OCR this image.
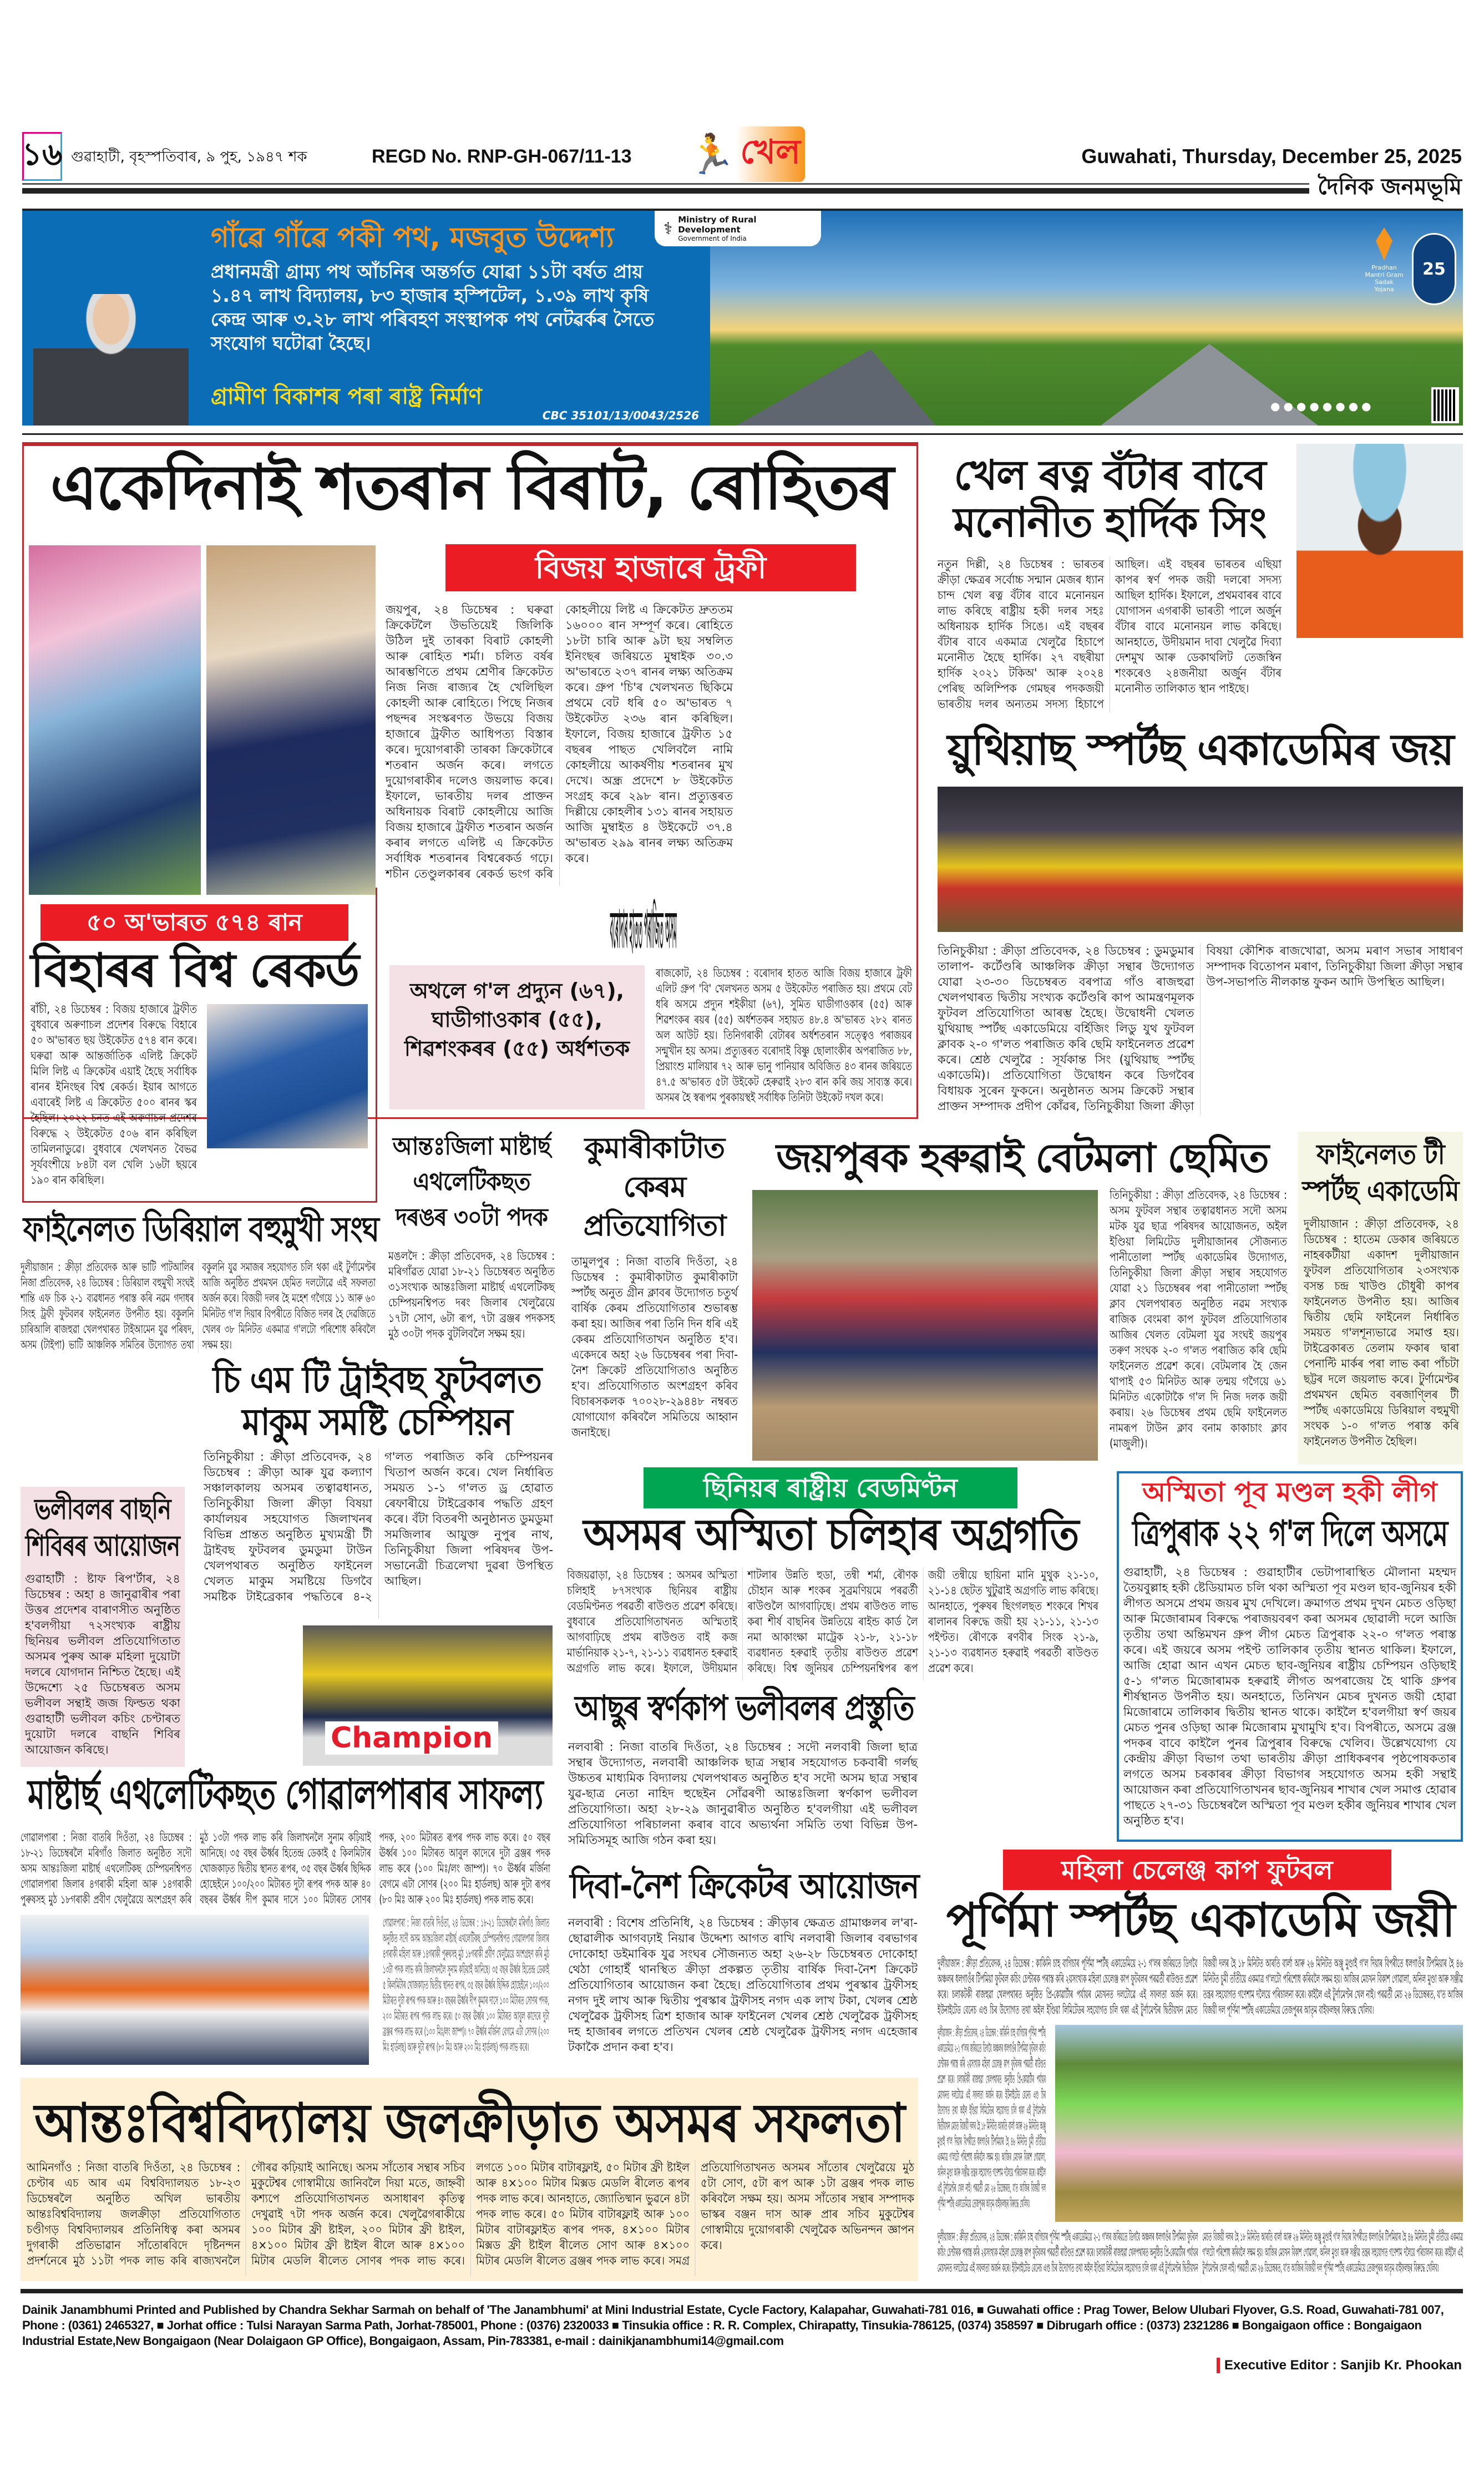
১৬ গুৱাহাটী, বৃহস্পতিবাৰ, ৯ পুহ, ১৯৪৭ শক	REGD No. RNP-GH-067/11-13	🏃 খেল	Guwahati, Thursday, December 25, 2025
দৈনিক জনমভূমি
গাঁৱে গাঁৱে পকী পথ, মজবুত উদ্দেশ্য
প্ৰধানমন্ত্ৰী গ্ৰাম্য পথ আঁচনিৰ অন্তৰ্গত যোৱা ১১টা বৰ্ষত প্ৰায় ১.৪৭ লাখ বিদ্যালয়, ৮৩ হাজাৰ হস্পিটেল, ১.৩৯ লাখ কৃষি কেন্দ্ৰ আৰু ৩.২৮ লাখ পৰিবহণ সংস্থাপক পথ নেটৱৰ্কৰ সৈতে সংযোগ ঘটোৱা হৈছে।
গ্ৰামীণ বিকাশৰ পৰা ৰাষ্ট্ৰ নিৰ্মাণ
CBC 35101/13/0043/2526
⚕ Ministry of Rural Development
Government of India
Pradhan Mantri Gram Sadak Yojana
25
●●●●●●●●
একেদিনাই শতৰান বিৰাট, ৰোহিতৰ
বিজয় হাজাৰে ট্ৰফী
জয়পুৰ, ২৪ ডিচেম্বৰ : ঘৰুৱা ক্ৰিকেটলৈ উভতিয়েই জিলিকি উঠিল দুই তাৰকা বিৰাট কোহলী আৰু ৰোহিত শৰ্মা। চলিত বৰ্ষৰ আৰম্ভণিতে প্ৰথম শ্ৰেণীৰ ক্ৰিকেটত নিজ নিজ ৰাজ্যৰ হৈ খেলিছিল কোহলী আৰু ৰোহিতে। পিছে নিজৰ পছন্দৰ সংস্কৰণত উভয়ে বিজয় হাজাৰে ট্ৰফীত আধিপত্য বিস্তাৰ কৰে। দুয়োগৰাকী তাৰকা ক্ৰিকেটাৰে শতৰান অৰ্জন কৰে। লগতে দুয়োগৰাকীৰ দলেও জয়লাভ কৰে। ইফালে, ভাৰতীয় দলৰ প্ৰাক্তন অধিনায়ক বিৰাট কোহলীয়ে আজি বিজয় হাজাৰে ট্ৰফীত শতৰান অৰ্জন কৰাৰ লগতে এলিষ্ট এ ক্ৰিকেটত সৰ্বাধিক শতৰানৰ বিশ্বৰেকৰ্ড গঢ়ে। শচীন তেণ্ডুলকাৰৰ ৰেকৰ্ড ভংগ কৰি কোহলীয়ে লিষ্ট এ ক্ৰিকেটত দ্ৰুততম ১৬০০০ ৰান সম্পূৰ্ণ কৰে। ৰোহিতে ১৮টা চাৰি আৰু ৯টা ছয় সম্বলিত ইনিংছৰ জৰিয়তে মুম্বাইক ৩০.৩ অ'ভাৰতে ২৩৭ ৰানৰ লক্ষ্য অতিক্ৰম কৰে। গ্ৰুপ 'চি'ৰ খেলখনত ছিকিমে প্ৰথমে বেট ধৰি ৫০ অ'ভাৰত ৭ উইকেটত ২৩৬ ৰান কৰিছিল। ইফালে, বিজয় হাজাৰে ট্ৰফীত ১৫ বছৰৰ পাছত খেলিবলৈ নামি কোহলীয়ে আকৰ্ষণীয় শতৰানৰ মুখ দেখে। অন্ধ্ৰ প্ৰদেশে ৮ উইকেটত সংগ্ৰহ কৰে ২৯৮ ৰান। প্ৰত্যুত্তৰত দিল্লীয়ে কোহলীৰ ১৩১ ৰানৰ সহায়ত আজি মুম্বাইত ৪ উইকেটে ৩৭.৪ অ'ভাৰত ২৯৯ ৰানৰ লক্ষ্য অতিক্ৰম কৰে।
৫০ অ'ভাৰত ৫৭৪ ৰান
বিহাৰৰ বিশ্ব ৰেকৰ্ড
ৰাঁচী, ২৪ ডিচেম্বৰ : বিজয় হাজাৰে ট্ৰফীত বুধবাৰে অৰুণাচল প্ৰদেশৰ বিৰুদ্ধে বিহাৰে ৫০ অ'ভাৰত ছয় উইকেটত ৫৭৪ ৰান কৰে। ঘৰুৱা আৰু আন্তৰ্জাতিক এলিষ্ট ক্ৰিকেট মিলি লিষ্ট এ ক্ৰিকেটৰ এয়াই হৈছে সৰ্বাধিক ৰানৰ ইনিংছৰ বিশ্ব ৰেকৰ্ড। ইয়াৰ আগতে এবাৰেই লিষ্ট এ ক্ৰিকেটত ৫০০ ৰানৰ স্কৰ হৈছিল। ২০২২ চনত এই অৰুণাচল প্ৰদেশৰ বিৰুদ্ধে ২ উইকেটত ৫০৬ ৰান কৰিছিল তামিলনাডুৱে। বুধবাৰে খেলখনত বৈভৱ সূৰ্যবংশীয়ে ৮৪টা বল খেলি ১৬টা ছয়ৰে ১৯০ ৰান কৰিছিল।
বৰোদাৰ হাতত পৰাজিত অসম
অথলে গ'ল প্ৰদ্যুন (৬৭), ঘাডীগাওকাৰ (৫৫), শিৱশংকৰৰ (৫৫) অৰ্ধশতক
ৰাজকোট, ২৪ ডিচেম্বৰ : বৰোদাৰ হাতত আজি বিজয় হাজাৰে ট্ৰফী এলিট গ্ৰুপ 'বি' খেলখনত অসম ৫ উইকেটত পৰাজিত হয়। প্ৰথমে বেট ধৰি অসমে প্ৰদ্যুন শইকীয়া (৬৭), সুমিত ঘাডীগাওকাৰ (৫৫) আৰু শিৱশংকৰ ৰয়ৰ (৫৫) অৰ্ধশতকৰ সহায়ত ৪৮.৪ অ'ভাৰত ২৮২ ৰানত অল আউট হয়। তিনিগৰাকী বেটাৰৰ অৰ্ধশতৰান সত্ত্বেও পৰাজয়ৰ সন্মুখীন হয় অসম। প্ৰত্যুত্তৰত বৰোদাই বিষ্ণু ছোলাংকীৰ অপৰাজিত ৮৮, প্ৰিয়াংশু মালিয়াৰ ৭২ আৰু ভানু পানিয়াৰ অবিজিত ৪৩ ৰানৰ জৰিয়তে ৪৭.৫ অ'ভাৰত ৫টা উইকেট হেৰুৱাই ২৮৩ ৰান কৰি জয় সাব্যস্ত কৰে। অসমৰ হৈ স্বৰূপম পুৰকায়স্থই সৰ্বাধিক তিনিটা উইকেট দখল কৰে।
খেল ৰত্ন বঁটাৰ বাবে মনোনীত হাৰ্দিক সিং
নতুন দিল্লী, ২৪ ডিচেম্বৰ : ভাৰতৰ ক্ৰীড়া ক্ষেত্ৰৰ সৰ্বোচ্চ সন্মান মেজৰ ধ্যান চান্দ খেল ৰত্ন বঁটাৰ বাবে মনোনয়ন লাভ কৰিছে ৰাষ্ট্ৰীয় হকী দলৰ সহঃ অধিনায়ক হাৰ্দিক সিঙে। এই বছৰৰ বঁটাৰ বাবে একমাত্ৰ খেলুৱৈ হিচাপে মনোনীত হৈছে হাৰ্দিক। ২৭ বছৰীয়া হাৰ্দিক ২০২১ টকিঅ' আৰু ২০২৪ পেৰিছ অলিম্পিক গেমছৰ পদকজয়ী ভাৰতীয় দলৰ অন্যতম সদস্য হিচাপে আছিল। এই বছৰৰ ভাৰতৰ এছিয়া কাপৰ স্বৰ্ণ পদক জয়ী দলৰো সদস্য আছিল হাৰ্দিক। ইফালে, প্ৰথমবাৰৰ বাবে যোগাসন এগৰাকী ভাৰতী পালে অৰ্জুন বঁটাৰ বাবে মনোনয়ন লাভ কৰিছে। আনহাতে, উদীয়মান দাবা খেলুৱৈ দিব্যা দেশমুখ আৰু ডেকাথলিট তেজস্বিন শংকৰেও ২৪জনীয়া অৰ্জুন বঁটাৰ মনোনীত তালিকাত স্থান পাইছে।
য়ুথিয়াছ স্পৰ্টছ একাডেমিৰ জয়
তিনিচুকীয়া : ক্ৰীড়া প্ৰতিবেদক, ২৪ ডিচেম্বৰ : ডুমডুমাৰ তালাপ- কৰ্টেণ্ডৰি আঞ্চলিক ক্ৰীড়া সন্থাৰ উদ্যোগত যোৱা ২৩-৩০ ডিচেম্বৰত বৰপাত্ৰ গাঁও ৰাজহুৱা খেলপথাৰত দ্বিতীয় সংখ্যক কৰ্টেণ্ডৰি কাপ আমন্ত্ৰণমূলক ফুটবল প্ৰতিযোগিতা আৰম্ভ হৈছে। উদ্বোধনী খেলত য়ুথিয়াছ স্পৰ্টছ একাডেমিয়ে বৰ্হিজিং লিডু যুথ ফুটবল ক্লাবক ২-০ গ'লত পৰাজিত কৰি ছেমি ফাইনেলত প্ৰৱেশ কৰে। শ্ৰেষ্ঠ খেলুৱৈ : সূৰ্যকান্ত সিং (য়ুথিয়াছ স্পৰ্টছ একাডেমি)। প্ৰতিযোগিতা উদ্বোধন কৰে ডিগবৈৰ বিধায়ক সুৰেন ফুকনে। অনুষ্ঠানত অসম ক্ৰিকেট সন্থাৰ প্ৰাক্তন সম্পাদক প্ৰদীপ কোঁৱৰ, তিনিচুকীয়া জিলা ক্ৰীড়া বিষয়া কৌশিক ৰাজখোৱা, অসম মৰাণ সভাৰ সাধাৰণ সম্পাদক বিতোপন মৰাণ, তিনিচুকীয়া জিলা ক্ৰীড়া সন্থাৰ উপ-সভাপতি নীলকান্ত ফুকন আদি উপস্থিত আছিল।
আন্তঃজিলা মাষ্টাৰ্ছ এথলেটিকছত দৰঙৰ ৩০টা পদক
মঙলদৈ : ক্ৰীড়া প্ৰতিবেদক, ২৪ ডিচেম্বৰ : মৰিগাঁৱত যোৱা ১৮-২১ ডিচেম্বৰত অনুষ্ঠিত ৩১সংখ্যক আন্তঃজিলা মাষ্টাৰ্ছ এথলেটিকছ চেম্পিয়নশ্বিপত দৰং জিলাৰ খেলুৱৈয়ে ১৭টা সোণ, ৬টা ৰূপ, ৭টা ব্ৰঞ্জৰ পদকসহ মুঠ ৩০টা পদক বুটলিবলৈ সক্ষম হয়।
কুমাৰীকাটাত কেৰম প্ৰতিযোগিতা
তামুলপুৰ : নিজা বাতৰি দিওঁতা, ২৪ ডিচেম্বৰ : কুমাৰীকাটাত কুমাৰীকাটা স্পৰ্টছ অনুত গ্ৰীন ক্লাবৰ উদ্যোগত চতুৰ্থ বাৰ্ষিক কেৰম প্ৰতিযোগিতাৰ শুভাৰম্ভ কৰা হয়। আজিৰ পৰা তিনি দিন ধৰি এই কেৰম প্ৰতিযোগিতাখন অনুষ্ঠিত হ'ব। একেদৰে অহা ২৬ ডিচেম্বৰৰ পৰা দিবা-নৈশ ক্ৰিকেট প্ৰতিযোগিতাও অনুষ্ঠিত হ'ব। প্ৰতিযোগিতাত অংশগ্ৰহণ কৰিব বিচাৰসকলক ৭০০২৮-২৯৪৪৮ নম্বৰত যোগাযোগ কৰিবলৈ সমিতিয়ে আহ্বান জনাইছে।
জয়পুৰক হৰুৱাই বেটমলা ছেমিত
তিনিচুকীয়া : ক্ৰীড়া প্ৰতিবেদক, ২৪ ডিচেম্বৰ : অসম ফুটবল সন্থাৰ তত্বাৱধানত সদৌ অসম মটক যুৱ ছাত্ৰ পৰিষদৰ আয়োজনত, অইল ইণ্ডিয়া লিমিটেড দুলীয়াজানৰ সৌজন্যত পানীতোলা স্পৰ্টছ একাডেমিৰ উদ্যোগত, তিনিচুকীয়া জিলা ক্ৰীড়া সন্থাৰ সহযোগত যোৱা ২১ ডিচেম্বৰৰ পৰা পানীতোলা স্পৰ্টছ ক্লাব খেলপথাৰত অনুষ্ঠিত নৱম সংখ্যক ৰাজিক বেংমৰা কাপ ফুটবল প্ৰতিযোগিতাৰ আজিৰ খেলত বেটমলা যুৱ সংঘই জয়পুৰ তৰুণ সংঘক ২-০ গ'লত পৰাজিত কৰি ছেমি ফাইনেলত প্ৰৱেশ কৰে। বেটমলাৰ হৈ জেন থাপাই ৫৩ মিনিটত আৰু তন্ময় গগৈয়ে ৬১ মিনিটত একোটাকৈ গ'ল দি নিজ দলক জয়ী কৰায়। ২৬ ডিচেম্বৰ প্ৰথম ছেমি ফাইনেলত নামৰূপ টাউন ক্লাব বনাম কাকাচাং ক্লাব (মাজুলী)।
ফাইনেলত টী স্পৰ্টছ একাডেমি
দুলীয়াজান : ক্ৰীড়া প্ৰতিবেদক, ২৪ ডিচেম্বৰ : হাতেম ডেকাৰ জৰিয়তে নাহৰকটীয়া একাদশ দুলীয়াজান ফুটবল প্ৰতিযোগিতাৰ ২৩সংখ্যক বসন্ত চন্দ্ৰ খাউণ্ড চৌধুৰী কাপৰ ফাইনেলত উপনীত হয়। আজিৰ দ্বিতীয় ছেমি ফাইনেল নিৰ্ধাৰিত সময়ত গ'লশূন্যভাৱে সমাপ্ত হয়। টাইব্ৰেকাৰত তেলাম ফকাৰ দ্বাৰা পেনাল্টি মাৰ্কৰ পৰা লাভ কৰা পাঁচটা ছট্টৰ দলে জয়লাভ কৰে। টুৰ্ণামেণ্টৰ প্ৰথমখন ছেমিত বৰজাণ্লিৰ টী স্পৰ্টছ একাডেমিয়ে ডিৰিয়াল বহুমুখী সংঘক ১-০ গ'লত পৰাস্ত কৰি ফাইনেলত উপনীত হৈছিল।
ফাইনেলত ডিৰিয়াল বহুমুখী সংঘ
দুলীয়াজান : ক্ৰীড়া প্ৰতিবেদক আৰু ভাটি পাটআলিৰ নিজা প্ৰতিবেদক, ২৪ ডিচেম্বৰ : ডিৰিয়াল বহুমুখী সংঘই শান্তি এফ চিক ২-১ ব্যৱধানত পৰাস্ত কৰি নৱম গদাধৰ সিংহ ট্ৰফী ফুটবলৰ ফাইনেলত উপনীত হয়। বকুলনি চাৰিআলি ৰাজহুৱা খেলপথাৰত টাইআমেন যুৱ পৰিষদ, অসম (টাইপা) ভাটি আঞ্চলিক সমিতিৰ উদ্যোগত তথা বকুলনি যুৱ সমাজৰ সহযোগত চলি থকা এই টুৰ্ণামেণ্টৰ আজি অনুষ্ঠিত প্ৰথমখন ছেমিত দলটোৱে এই সফলতা অৰ্জন কৰে। বিজয়ী দলৰ হৈ মহেশ গগৈয়ে ১১ আৰু ৬০ মিনিটত গ'ল দিয়াৰ বিপৰীতে বিজিত দলৰ হৈ দেৱজিতে খেলৰ ৩৮ মিনিটত একমাত্ৰ গ'লটো পৰিশোধ কৰিবলৈ সক্ষম হয়।
চি এম টি ট্ৰাইবছ ফুটবলত মাকুম সমষ্টি চেম্পিয়ন
তিনিচুকীয়া : ক্ৰীড়া প্ৰতিবেদক, ২৪ ডিচেম্বৰ : ক্ৰীড়া আৰু যুৱ কল্যাণ সঞ্চালকালয় অসমৰ তত্বাৱধানত, তিনিচুকীয়া জিলা ক্ৰীড়া বিষয়া কাৰ্যালয়ৰ সহযোগত জিলাখনৰ বিভিন্ন প্ৰান্তত অনুষ্ঠিত মুখ্যমন্ত্ৰী টী ট্ৰাইবছ ফুটবলৰ ডুমডুমা টাউন খেলপথাৰত অনুষ্ঠিত ফাইনেল খেলত মাকুম সমষ্টিয়ে ডিগবৈ সমষ্টিক টাইব্ৰেকাৰ পদ্ধতিৰে ৪-২ গ'লত পৰাজিত কৰি চেম্পিয়নৰ খিতাপ অৰ্জন কৰে। খেল নিৰ্ধাৰিত সময়ত ১-১ গ'লত ড্ৰ হোৱাত ৰেফাৰীয়ে টাইব্ৰেকাৰ পদ্ধতি গ্ৰহণ কৰে। বঁটা বিতৰণী অনুষ্ঠানত ডুমডুমা সমজিলাৰ আয়ুক্ত নুপুৰ নাথ, তিনিচুকীয়া জিলা পৰিষদৰ উপ-সভানেত্ৰী চিত্ৰলেখা দুৱৰা উপস্থিত আছিল।
Champion
ভলীবলৰ বাছনি শিবিৰৰ আয়োজন
গুৱাহাটী : ষ্টাফ ৰিপ'ৰ্টাৰ, ২৪ ডিচেম্বৰ : অহা ৪ জানুৱাৰীৰ পৰা উত্তৰ প্ৰদেশৰ বাৰাণসীত অনুষ্ঠিত হ'বলগীয়া ৭২সংখ্যক ৰাষ্ট্ৰীয় ছিনিয়ৰ ভলীবল প্ৰতিযোগিতাত অসমৰ পুৰুষ আৰু মহিলা দুয়োটা দলৰে যোগদান নিশ্চিত হৈছে। এই উদ্দেশ্যে ২৫ ডিচেম্বৰত অসম ভলীবল সন্থাই জজ ফিল্ডত থকা গুৱাহাটী ভলীবল কচিং চেণ্টাৰত দুয়োটা দলৰে বাছনি শিবিৰ আয়োজন কৰিছে।
ছিনিয়ৰ ৰাষ্ট্ৰীয় বেডমিণ্টন
অসমৰ অস্মিতা চলিহাৰ অগ্ৰগতি
বিজয়ৱাড়া, ২৪ ডিচেম্বৰ : অসমৰ অস্মিতা চলিহাই ৮৭সংখ্যক ছিনিয়ৰ ৰাষ্ট্ৰীয় বেডমিণ্টনত পৰৱৰ্তী ৰাউণ্ডত প্ৰৱেশ কৰিছে। বুধবাৰে প্ৰতিযোগিতাখনত অস্মিতাই আগবাঢ়িছে প্ৰথম ৰাউণ্ডত বাই কজ মাৰ্ভানিয়াক ২১-৭, ২১-১১ ব্যৱধানত হৰুৱাই অগ্ৰগতি লাভ কৰে। ইফালে, উদীয়মান শাটলাৰ উন্নতি হুডা, তন্বী শৰ্মা, ৰৌণক চৌহান আৰু শংকৰ সুব্ৰমণিয়মে পৰৱৰ্তী ৰাউণ্ডলৈ আগবাঢ়িছে। প্ৰথম ৰাউণ্ডত লাভ কৰা শীৰ্ষ বাছনিৰ উন্নতিয়ে ৰাইন্ড কাৰ্ড লৈ নমা আকাংক্ষা মাট্ৰেক ২১-৮, ২১-১৮ ব্যৱধানত হৰুৱাই তৃতীয় ৰাউণ্ডত প্ৰৱেশ কৰিছে। বিশ্ব জুনিয়ৰ চেম্পিয়নশ্বিপৰ ৰূপ জয়ী তন্বীয়ে ছায়িনা মানি মুথুক ২১-১০, ২১-১৪ ছেটত খুটুৱাই অগ্ৰগতি লাভ কৰিছে। আনহাতে, পুৰুষৰ ছিংগলছত শংকৰে শিখৰ ৰালানৰ বিৰুদ্ধে জয়ী হয় ২১-১১, ২১-১৩ পইণ্টত। ৰৌণকে ৰণবীৰ সিংক ২১-৯, ২১-১৩ ব্যৱধানত হৰুৱাই পৰৱৰ্তী ৰাউণ্ডত প্ৰৱেশ কৰে।
অস্মিতা পূব মণ্ডল হকী লীগ
ত্ৰিপুৰাক ২২ গ'ল দিলে অসমে
গুৱাহাটী, ২৪ ডিচেম্বৰ : গুৱাহাটীৰ ভেটাপাৰাস্থিত মৌলানা মহম্মদ তৈয়বুল্লাহ হকী ষ্টেডিয়ামত চলি থকা অস্মিতা পূব মণ্ডল ছাব-জুনিয়ৰ হকী লীগত অসমে প্ৰথম জয়ৰ মুখ দেখিলে। ক্ৰমাগত প্ৰথম দুখন মেচত ওড়িছা আৰু মিজোৰামৰ বিৰুদ্ধে পৰাজয়বৰণ কৰা অসমৰ ছোৱালী দলে আজি তৃতীয় তথা অন্তিমখন গ্ৰুপ লীগ মেচত ত্ৰিপুৰাক ২২-০ গ'লত পৰাস্ত কৰে। এই জয়ৰে অসম পইণ্ট তালিকাৰ তৃতীয় স্থানত থাকিল। ইফালে, আজি হোৱা আন এখন মেচত ছাব-জুনিয়ৰ ৰাষ্ট্ৰীয় চেম্পিয়ন ওড়িছাই ৫-১ গ'লত মিজোৰামক হৰুৱাই লীগত অপৰাজেয় হৈ থাকি গ্ৰুপৰ শীৰ্ষস্থানত উপনীত হয়। অনহাতে, তিনিখন মেচৰ দুখনত জয়ী হোৱা মিজোৰামে তালিকাৰ দ্বিতীয় স্থানত থাকে। কাইলৈ হ'বলগীয়া স্বৰ্ণ জয়ৰ মেচত পুনৰ ওড়িছা আৰু মিজোৰাম মুখামুখি হ'ব। বিপৰীতে, অসমে ব্ৰঞ্জ পদকৰ বাবে কাইলৈ পুনৰ ত্ৰিপুৰাৰ বিৰুদ্ধে খেলিব। উল্লেখযোগ্য যে কেন্দ্ৰীয় ক্ৰীড়া বিভাগ তথা ভাৰতীয় ক্ৰীড়া প্ৰাধিকৰণৰ পৃষ্ঠপোষকতাৰ লগতে অসম চৰকাৰৰ ক্ৰীড়া বিভাগৰ সহযোগত অসম হকী সন্থাই আয়োজন কৰা প্ৰতিযোগিতাখনৰ ছাব-জুনিয়ৰ শাখাৰ খেল সমাপ্ত হোৱাৰ পাছতে ২৭-৩১ ডিচেম্বৰলৈ অস্মিতা পূব মণ্ডল হকীৰ জুনিয়ৰ শাখাৰ খেল অনুষ্ঠিত হ'ব।
আছুৰ স্বৰ্ণকাপ ভলীবলৰ প্ৰস্তুতি
নলবাৰী : নিজা বাতৰি দিওঁতা, ২৪ ডিচেম্বৰ : সদৌ নলবাৰী জিলা ছাত্ৰ সন্থাৰ উদ্যোগত, নলবাৰী আঞ্চলিক ছাত্ৰ সন্থাৰ সহযোগত চকবাৰী গৰ্লছ উচ্চতৰ মাধ্যমিক বিদ্যালয় খেলপথাৰত অনুষ্ঠিত হ'ব সদৌ অসম ছাত্ৰ সন্থাৰ যুৱ-ছাত্ৰ নেতা নাহিদ হুছেইন সোঁৱৰণী আন্তঃজিলা স্বৰ্ণকাপ ভলীবল প্ৰতিযোগিতা। অহা ২৮-২৯ জানুৱাৰীত অনুষ্ঠিত হ'বলগীয়া এই ভলীবল প্ৰতিযোগিতা পৰিচালনা কৰাৰ বাবে অভ্যৰ্থনা সমিতি তথা বিভিন্ন উপ-সমিতিসমূহ আজি গঠন কৰা হয়।
মাষ্টাৰ্ছ এথলেটিকছত গোৱালপাৰাৰ সাফল্য
গোৱালপাৰা : নিজা বাতৰি দিওঁতা, ২৪ ডিচেম্বৰ : ১৮-২১ ডিচেম্বৰলৈ মৰিগাঁও জিলাত অনুষ্ঠিত সদৌ অসম আন্তঃজিলা মাষ্টাৰ্ছ এথলেটিকছ চেম্পিয়নশ্বিপত গোৱালপাৰা জিলাৰ ৪গৰাকী মহিলা আৰু ১৪গৰাকী পুৰুষসহ মুঠ ১৮গৰাকী প্ৰবীণ খেলুৱৈয়ে অংশগ্ৰহণ কৰি মুঠ ১৩টা পদক লাভ কৰি জিলাখনলৈ সুনাম কঢ়িয়াই আনিছে। ৩৫ বছৰ ঊৰ্ধ্বৰ হিতেন্দ্ৰ ডেকাই ৫ কিলমিটাৰ খোজকাঢ়ত দ্বিতীয় স্থানত ৰূপৰ, ৩৫ বছৰ ঊৰ্ধ্বৰ ছিদ্দিক হোছেইনে ১০০/২০০ মিটাৰত দুটা ৰূপৰ পদক আৰু ৪০ বছৰৰ ঊৰ্ধ্বৰ দীপ কুমাৰ দাসে ১০০ মিটাৰত সোণৰ পদক, ২০০ মিটাৰত ৰূপৰ পদক লাভ কৰে। ৫০ বছৰ ঊৰ্ধ্বৰ ১০০ মিটাৰত আবুল কাদেৰে দুটা ব্ৰঞ্জৰ পদক লাভ কৰে (১০০ মিঃ/লং জাম্প)। ৭০ ঊৰ্ধ্বৰ মৰ্জিনা বেগমে এটা সোণৰ (২০০ মিঃ হাৰ্ডলছ) আৰু দুটা ৰূপৰ (৮০ মিঃ আৰু ২০০ মিঃ হাৰ্ডলছ) পদক লাভ কৰে।
গোৱালপাৰা : নিজা বাতৰি দিওঁতা, ২৪ ডিচেম্বৰ : ১৮-২১ ডিচেম্বৰলৈ মৰিগাঁও জিলাত অনুষ্ঠিত সদৌ অসম আন্তঃজিলা মাষ্টাৰ্ছ এথলেটিকছ চেম্পিয়নশ্বিপত গোৱালপাৰা জিলাৰ ৪গৰাকী মহিলা আৰু ১৪গৰাকী পুৰুষসহ মুঠ ১৮গৰাকী প্ৰবীণ খেলুৱৈয়ে অংশগ্ৰহণ কৰি মুঠ ১৩টা পদক লাভ কৰি জিলাখনলৈ সুনাম কঢ়িয়াই আনিছে। ৩৫ বছৰ ঊৰ্ধ্বৰ হিতেন্দ্ৰ ডেকাই ৫ কিলমিটাৰ খোজকাঢ়ত দ্বিতীয় স্থানত ৰূপৰ, ৩৫ বছৰ ঊৰ্ধ্বৰ ছিদ্দিক হোছেইনে ১০০/২০০ মিটাৰত দুটা ৰূপৰ পদক আৰু ৪০ বছৰৰ ঊৰ্ধ্বৰ দীপ কুমাৰ দাসে ১০০ মিটাৰত সোণৰ পদক, ২০০ মিটাৰত ৰূপৰ পদক লাভ কৰে। ৫০ বছৰ ঊৰ্ধ্বৰ ১০০ মিটাৰত আবুল কাদেৰে দুটা ব্ৰঞ্জৰ পদক লাভ কৰে (১০০ মিঃ/লং জাম্প)। ৭০ ঊৰ্ধ্বৰ মৰ্জিনা বেগমে এটা সোণৰ (২০০ মিঃ হাৰ্ডলছ) আৰু দুটা ৰূপৰ (৮০ মিঃ আৰু ২০০ মিঃ হাৰ্ডলছ) পদক লাভ কৰে।
দিবা-নৈশ ক্ৰিকেটৰ আয়োজন
নলবাৰী : বিশেষ প্ৰতিনিধি, ২৪ ডিচেম্বৰ : ক্ৰীড়াৰ ক্ষেত্ৰত গ্ৰামাঞ্চলৰ ল'ৰা-ছোৱালীক আগবঢ়াই নিয়াৰ উদ্দেশ্য আগত ৰাখি নলবাৰী জিলাৰ বৰভাগৰ দোকোহা ডইমাৰিক যুৱ সংঘৰ সৌজন্যত অহা ২৬-২৮ ডিচেম্বৰত দোকোহা থেঠা গোহাইঁ থানস্থিত ক্ৰীড়া প্ৰকল্পত তৃতীয় বাৰ্ষিক দিবা-নৈশ ক্ৰিকেট প্ৰতিযোগিতাৰ আয়োজন কৰা হৈছে। প্ৰতিযোগিতাৰ প্ৰথম পুৰস্কাৰ ট্ৰফীসহ নগদ দুই লাখ আৰু দ্বিতীয় পুৰস্কাৰ ট্ৰফীসহ নগদ এক লাখ টকা, খেলৰ শ্ৰেষ্ঠ খেলুৱৈক ট্ৰফীসহ ত্ৰিশ হাজাৰ আৰু ফাইনেল খেলৰ শ্ৰেষ্ঠ খেলুৱৈক ট্ৰফীসহ দহ হাজাৰৰ লগতে প্ৰতিখন খেলৰ শ্ৰেষ্ঠ খেলুৱৈক ট্ৰফীসহ নগদ এহেজাৰ টকাকৈ প্ৰদান কৰা হ'ব।
মহিলা চেলেঞ্জ কাপ ফুটবল
পূৰ্ণিমা স্পৰ্টছ একাডেমি জয়ী
দুলীয়াজান : ক্ৰীড়া প্ৰতিবেদক, ২৪ ডিচেম্বৰ : কাকিনি চাহ বাগিচাৰ পূৰ্ণিমা স্পৰ্টছ একাডেমিয়ে ২-১ গ'লৰ জৰিয়তে ডিগবৈ অঞ্চলৰ ধলগাওঁৰ টিপমিয়া ফুটবল কচিং চেণ্টাৰক পৰাস্ত কৰি ২য়সংখ্যক মহিলা চেলেঞ্জ কাপ ফুটবলৰ পৰৱৰ্তী ৰাউণ্ডত প্ৰৱেশ কৰে। চলাকটকী ৰাজহুৱা খেলপথাৰত অনুষ্ঠিত প্ৰি-কোৱাৰ্টাৰ পৰ্যায়ৰ মেচখনত দলটোৱে এই সফলতা অৰ্জন কৰে। ইউনাইটেড বেনেচ এণ্ড চিৰ উদ্যোগত তথা অইল ইণ্ডিয়া লিমিটেডৰ সহযোগত চলি থকা এই টুৰ্ণামেণ্টৰ দ্বিতীয়খন মেচত বিজয়ী দলৰ হৈ ১৮ মিনিটত আৰতি বাৰ্লা আৰু ২৬ মিনিটত অঞ্জু মুণ্ডাই গ'ল দিয়াৰ বিপৰীতে ধলগাওঁৰ টিপমিয়াৰ হৈ ৪৬ মিনিটত চুমী তাঁতীয়ে একমাত্ৰ গ'লটো পৰিশোধ কৰিবলৈ সক্ষম হয়। আজিৰ মেচখন বিকাশ গোৱালা, অনিল মুণ্ডা আৰু সঞ্জীৱ তন্ত্ৰৰ সহযোগত গণেশাম দলৈয়ে পৰিচালনা কৰে। কাইলৈ এই টুৰ্ণামেণ্টৰ খেল নাই। পৰৱৰ্তী মেচ ২৬ ডিচেম্বৰত, য'ত আজিৰ বিজয়ী দল পূৰ্ণিমা স্পৰ্টছ একাডেমিয়ে তেজপুৰৰ আতৃম বাইফলছৰ বিৰুদ্ধে খেলিব।
দুলীয়াজান : ক্ৰীড়া প্ৰতিবেদক, ২৪ ডিচেম্বৰ : কাকিনি চাহ বাগিচাৰ পূৰ্ণিমা স্পৰ্টছ একাডেমিয়ে ২-১ গ'লৰ জৰিয়তে ডিগবৈ অঞ্চলৰ ধলগাওঁৰ টিপমিয়া ফুটবল কচিং চেণ্টাৰক পৰাস্ত কৰি ২য়সংখ্যক মহিলা চেলেঞ্জ কাপ ফুটবলৰ পৰৱৰ্তী ৰাউণ্ডত প্ৰৱেশ কৰে। চলাকটকী ৰাজহুৱা খেলপথাৰত অনুষ্ঠিত প্ৰি-কোৱাৰ্টাৰ পৰ্যায়ৰ মেচখনত দলটোৱে এই সফলতা অৰ্জন কৰে। ইউনাইটেড বেনেচ এণ্ড চিৰ উদ্যোগত তথা অইল ইণ্ডিয়া লিমিটেডৰ সহযোগত চলি থকা এই টুৰ্ণামেণ্টৰ দ্বিতীয়খন মেচত বিজয়ী দলৰ হৈ ১৮ মিনিটত আৰতি বাৰ্লা আৰু ২৬ মিনিটত অঞ্জু মুণ্ডাই গ'ল দিয়াৰ বিপৰীতে ধলগাওঁৰ টিপমিয়াৰ হৈ ৪৬ মিনিটত চুমী তাঁতীয়ে একমাত্ৰ গ'লটো পৰিশোধ কৰিবলৈ সক্ষম হয়। আজিৰ মেচখন বিকাশ গোৱালা, অনিল মুণ্ডা আৰু সঞ্জীৱ তন্ত্ৰৰ সহযোগত গণেশাম দলৈয়ে পৰিচালনা কৰে। কাইলৈ এই টুৰ্ণামেণ্টৰ খেল নাই। পৰৱৰ্তী মেচ ২৬ ডিচেম্বৰত, য'ত আজিৰ বিজয়ী দল পূৰ্ণিমা স্পৰ্টছ একাডেমিয়ে তেজপুৰৰ আতৃম বাইফলছৰ বিৰুদ্ধে খেলিব।
দুলীয়াজান : ক্ৰীড়া প্ৰতিবেদক, ২৪ ডিচেম্বৰ : কাকিনি চাহ বাগিচাৰ পূৰ্ণিমা স্পৰ্টছ একাডেমিয়ে ২-১ গ'লৰ জৰিয়তে ডিগবৈ অঞ্চলৰ ধলগাওঁৰ টিপমিয়া ফুটবল কচিং চেণ্টাৰক পৰাস্ত কৰি ২য়সংখ্যক মহিলা চেলেঞ্জ কাপ ফুটবলৰ পৰৱৰ্তী ৰাউণ্ডত প্ৰৱেশ কৰে। চলাকটকী ৰাজহুৱা খেলপথাৰত অনুষ্ঠিত প্ৰি-কোৱাৰ্টাৰ পৰ্যায়ৰ মেচখনত দলটোৱে এই সফলতা অৰ্জন কৰে। ইউনাইটেড বেনেচ এণ্ড চিৰ উদ্যোগত তথা অইল ইণ্ডিয়া লিমিটেডৰ সহযোগত চলি থকা এই টুৰ্ণামেণ্টৰ দ্বিতীয়খন মেচত বিজয়ী দলৰ হৈ ১৮ মিনিটত আৰতি বাৰ্লা আৰু ২৬ মিনিটত অঞ্জু মুণ্ডাই গ'ল দিয়াৰ বিপৰীতে ধলগাওঁৰ টিপমিয়াৰ হৈ ৪৬ মিনিটত চুমী তাঁতীয়ে একমাত্ৰ গ'লটো পৰিশোধ কৰিবলৈ সক্ষম হয়। আজিৰ মেচখন বিকাশ গোৱালা, অনিল মুণ্ডা আৰু সঞ্জীৱ তন্ত্ৰৰ সহযোগত গণেশাম দলৈয়ে পৰিচালনা কৰে। কাইলৈ এই টুৰ্ণামেণ্টৰ খেল নাই। পৰৱৰ্তী মেচ ২৬ ডিচেম্বৰত, য'ত আজিৰ বিজয়ী দল পূৰ্ণিমা স্পৰ্টছ একাডেমিয়ে তেজপুৰৰ আতৃম বাইফলছৰ বিৰুদ্ধে খেলিব।
আন্তঃবিশ্ববিদ্যালয় জলক্ৰীড়াত অসমৰ সফলতা
আমিনগাঁও : নিজা বাতৰি দিওঁতা, ২৪ ডিচেম্বৰ : চেণ্টাৰ এচ আৰ এম বিশ্ববিদ্যালয়ত ১৮-২৩ ডিচেম্বৰলৈ অনুষ্ঠিত অখিল ভাৰতীয় আন্তঃবিশ্ববিদ্যালয় জলক্ৰীড়া প্ৰতিযোগিতাত চণ্ডীগড় বিশ্ববিদ্যালয়ৰ প্ৰতিনিধিত্ব কৰা অসমৰ দুগৰাকী প্ৰতিভাৱান সাঁতোৰবিদে দৃষ্টিনন্দন প্ৰদৰ্শনেৰে মুঠ ১১টা পদক লাভ কৰি ৰাজ্যখনলৈ গৌৰৱ কঢ়িয়াই আনিছে। অসম সাঁতোৰ সন্থাৰ সচিব মুকুটেশ্বৰ গোস্বামীয়ে জানিবলৈ দিয়া মতে, জাহ্নবী কশ্যপে প্ৰতিযোগিতাখনত অসাধাৰণ কৃতিত্ব দেখুৱাই ৭টা পদক অৰ্জন কৰে। খেলুৱৈগৰাকীয়ে ১০০ মিটাৰ ফ্ৰী ষ্টাইল, ২০০ মিটাৰ ফ্ৰী ষ্টাইল, ৪×১০০ মিটাৰ ফ্ৰী ষ্টাইল ৰীলে আৰু ৪×১০০ মিটাৰ মেডলি ৰীলেত সোণৰ পদক লাভ কৰে। লগতে ১০০ মিটাৰ বাটাৰফ্লাই, ৫০ মিটাৰ ফ্ৰী ষ্টাইল আৰু ৪×১০০ মিটাৰ মিক্সড মেডলি ৰীলেত ৰূপৰ পদক লাভ কৰে। আনহাতে, জ্যোতিষ্মান ভুৱনে ৪টা পদক লাভ কৰে। ৫০ মিটাৰ বাটাৰফ্লাই আৰু ১০০ মিটাৰ বাটাৰফ্লাইত ৰূপৰ পদক, ৪×১০০ মিটাৰ মিক্সড ফ্ৰী ষ্টাইল ৰীলেত সোণ আৰু ৪×১০০ মিটাৰ মেডলি ৰীলেত ব্ৰঞ্জৰ পদক লাভ কৰে। সমগ্ৰ প্ৰতিযোগিতাখনত অসমৰ সাঁতোৰ খেলুৱৈয়ে মুঠ ৫টা সোণ, ৫টা ৰূপ আৰু ১টা ব্ৰঞ্জৰ পদক লাভ কৰিবলৈ সক্ষম হয়। অসম সাঁতোৰ সন্থাৰ সম্পাদক ভাস্কৰ বঞ্জন দাস আৰু প্ৰাৰ সচিব মুকুটেশ্বৰ গোস্বামীয়ে দুয়োগৰাকী খেলুৱৈক অভিনন্দন জ্ঞাপন কৰে।
Dainik Janambhumi Printed and Published by Chandra Sekhar Sarmah on behalf of 'The Janambhumi' at Mini Industrial Estate, Cycle Factory, Kalapahar, Guwahati-781 016, ■ Guwahati office : Prag Tower, Below Ulubari Flyover, G.S. Road, Guwahati-781 007, Phone : (0361) 2465327, ■ Jorhat office : Tulsi Narayan Sarma Path, Jorhat-785001, Phone : (0376) 2320033 ■ Tinsukia office : R. R. Complex, Chirapatty, Tinsukia-786125, (0374) 358597 ■ Dibrugarh office : (0373) 2321286 ■ Bongaigaon office : Bongaigaon Industrial Estate,New Bongaigaon (Near Dolaigaon GP Office), Bongaigaon, Assam, Pin-783381, e-mail : dainikjanambhumi14@gmail.com
Executive Editor : Sanjib Kr. Phookan
